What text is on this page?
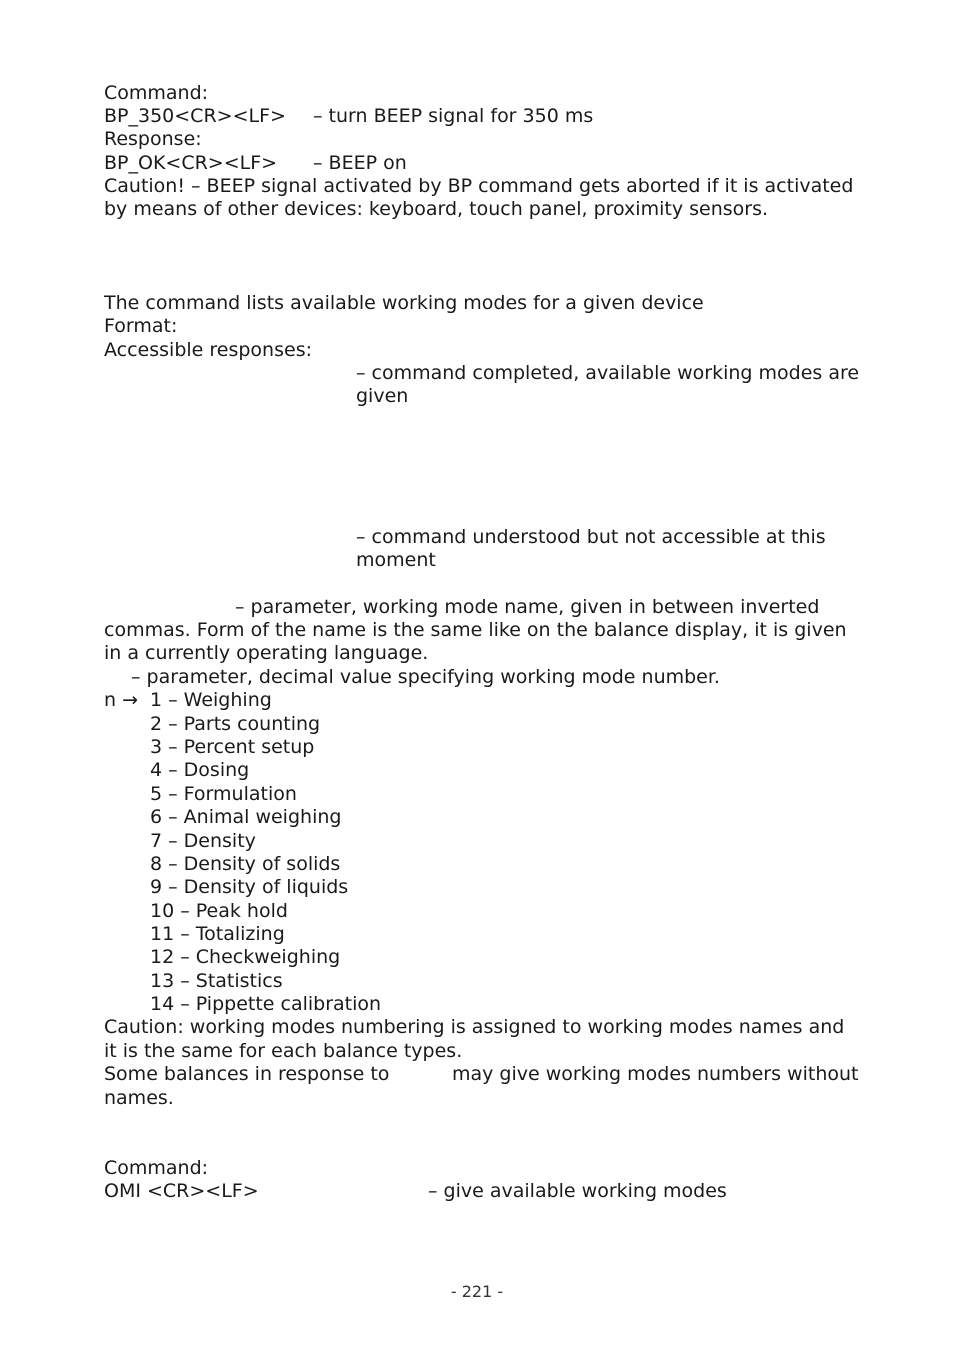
Command:
BP_350<CR><LF> – turn BEEP signal for 350 ms
Response:
BP_OK<CR><LF> – BEEP on
Caution! – BEEP signal activated by BP command gets aborted if it is activated
by means of other devices: keyboard, touch panel, proximity sensors.
The command lists available working modes for a given device
Format:
Accessible responses:
– command completed, available working modes are
given
– command understood but not accessible at this
moment
– parameter, working mode name, given in between inverted
commas. Form of the name is the same like on the balance display, it is given
in a currently operating language.
– parameter, decimal value specifying working mode number.
n → 1 – Weighing
2 – Parts counting
3 – Percent setup
4 – Dosing
5 – Formulation
6 – Animal weighing
7 – Density
8 – Density of solids
9 – Density of liquids
10 – Peak hold
11 – Totalizing
12 – Checkweighing
13 – Statistics
14 – Pippette calibration
Caution: working modes numbering is assigned to working modes names and
it is the same for each balance types.
Some balances in response to	may give working modes numbers without
names.
Command:
OMI <CR><LF>	– give available working modes
- 221 -
